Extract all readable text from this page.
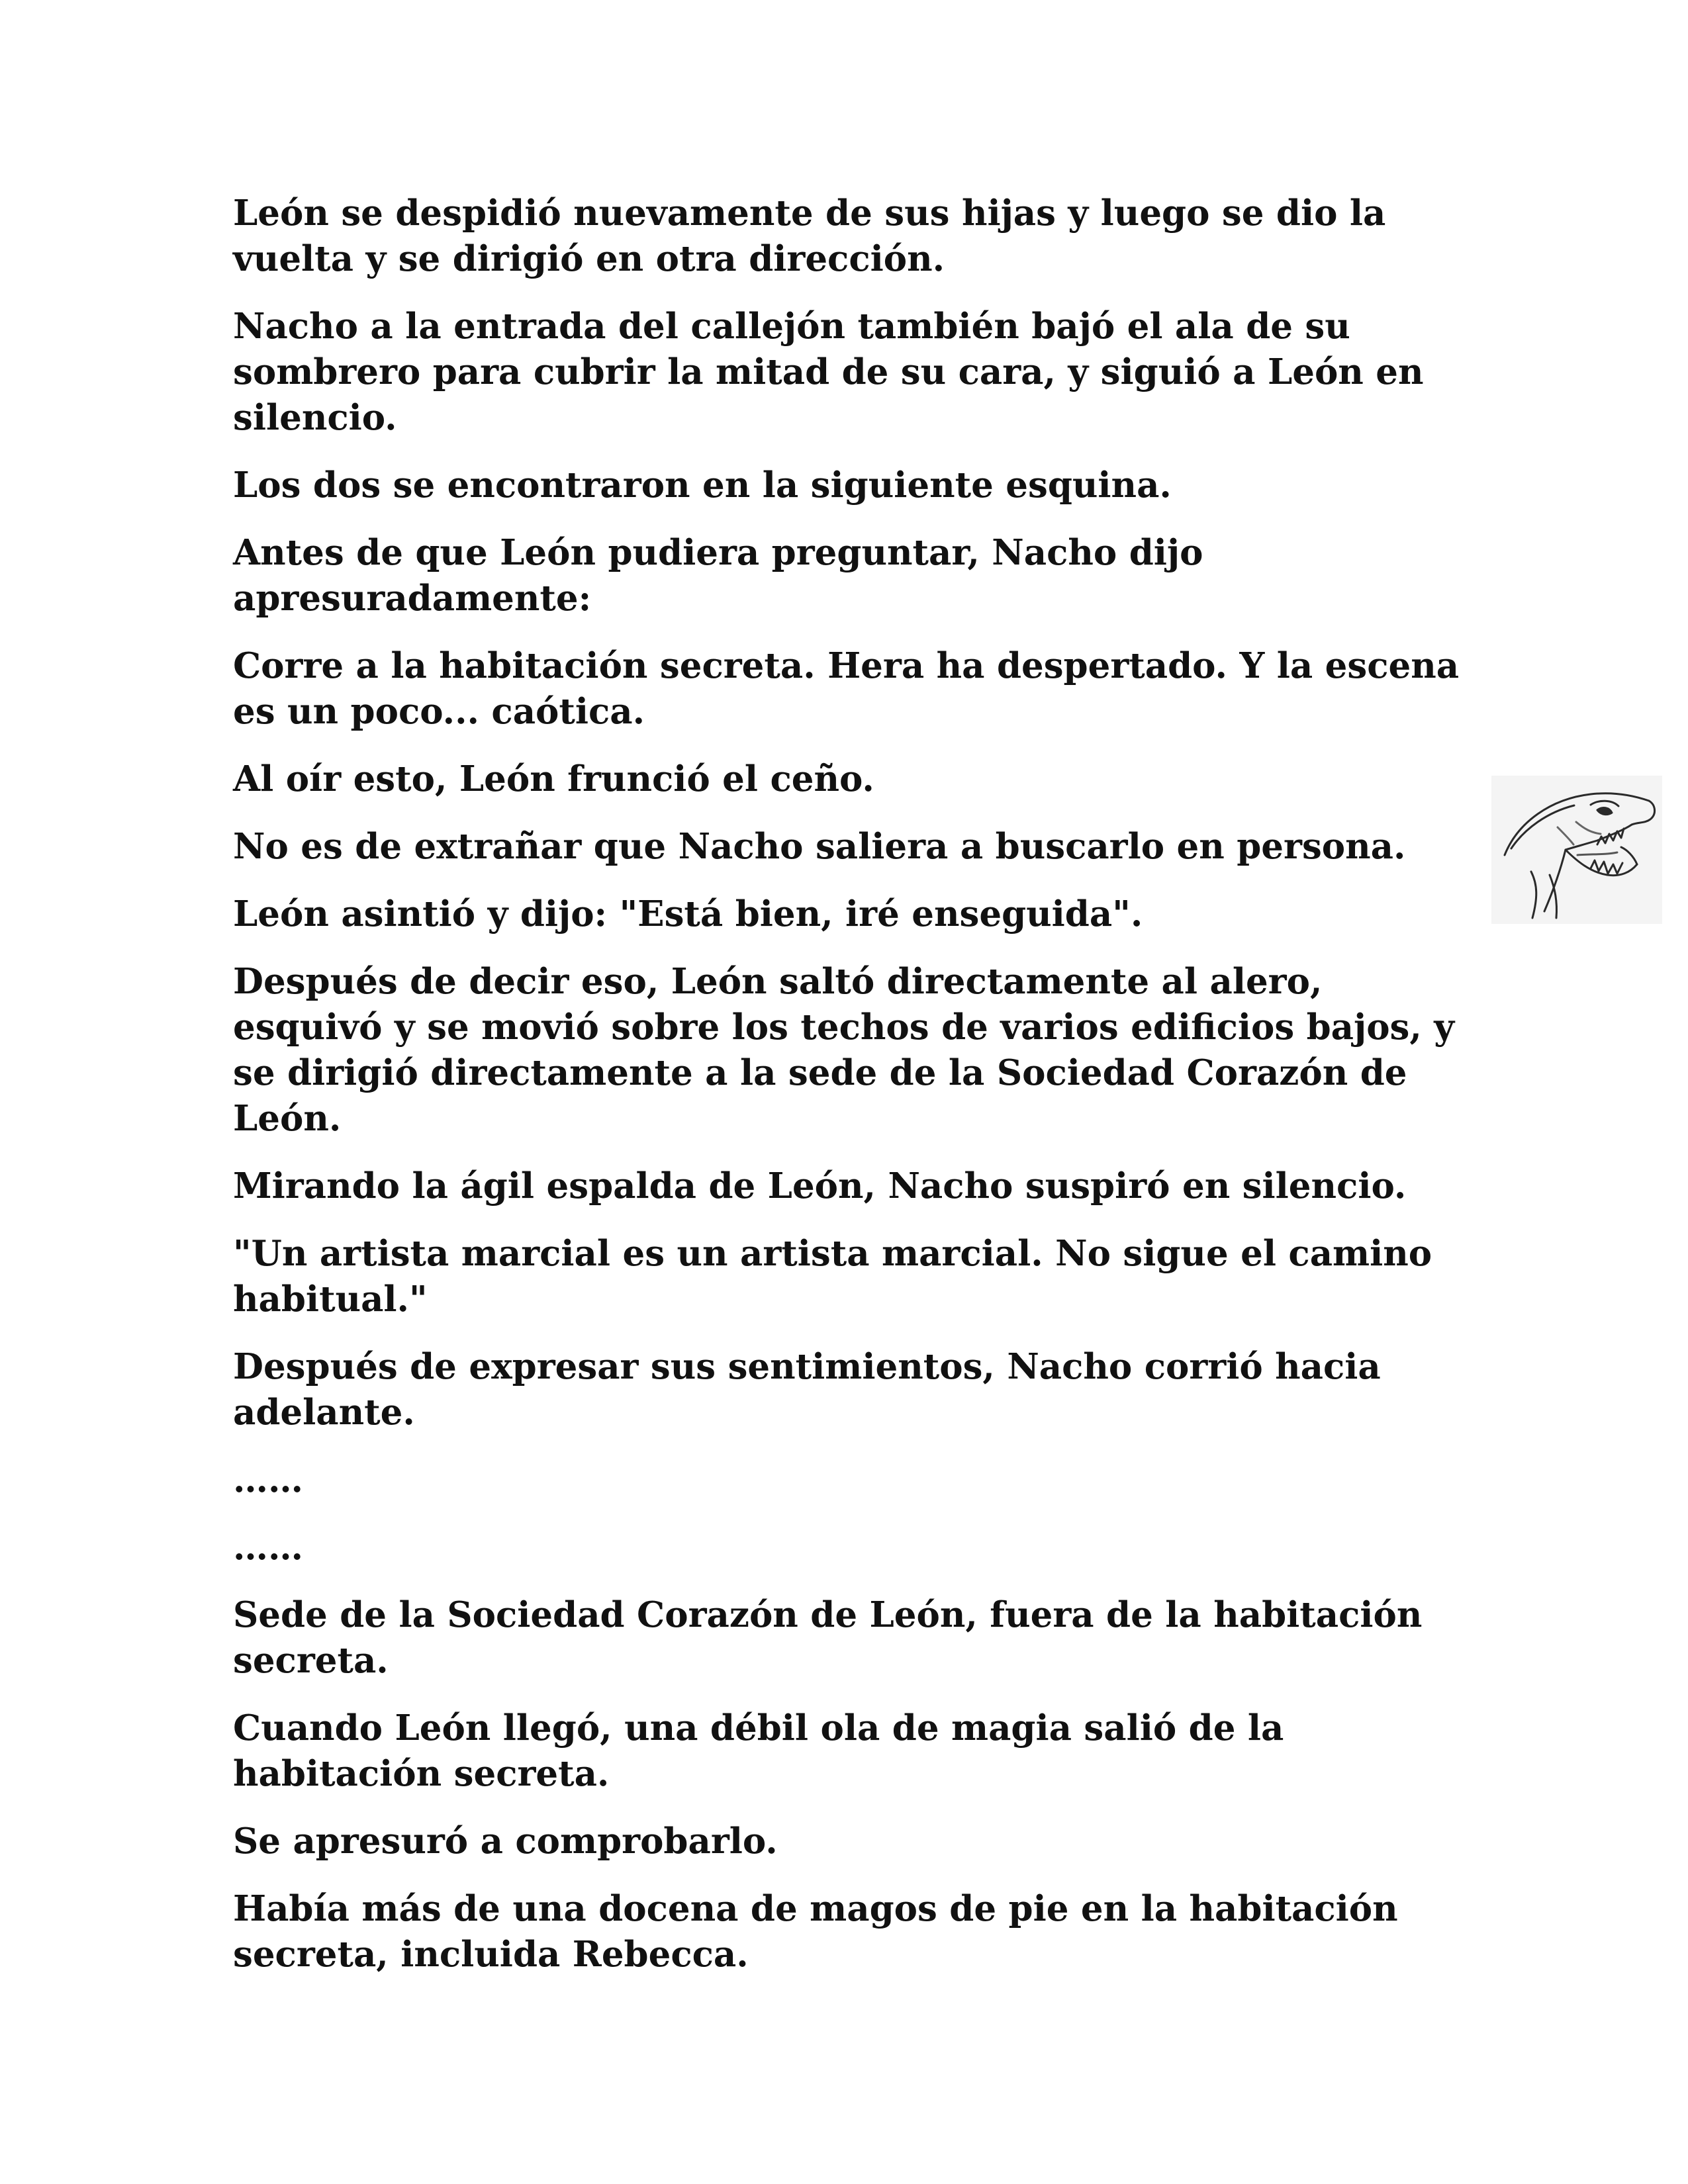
León se despidió nuevamente de sus hijas y luego se dio la vuelta y se dirigió en otra dirección.

Nacho a la entrada del callejón también bajó el ala de su sombrero para cubrir la mitad de su cara, y siguió a León en silencio.

Los dos se encontraron en la siguiente esquina.

Antes de que León pudiera preguntar, Nacho dijo apresuradamente:

Corre a la habitación secreta. Hera ha despertado. Y la escena es un poco... caótica.

Al oír esto, León frunció el ceño.

No es de extrañar que Nacho saliera a buscarlo en persona.

León asintió y dijo: "Está bien, iré enseguida".

Después de decir eso, León saltó directamente al alero, esquivó y se movió sobre los techos de varios edificios bajos, y se dirigió directamente a la sede de la Sociedad Corazón de León.

Mirando la ágil espalda de León, Nacho suspiró en silencio.

"Un artista marcial es un artista marcial. No sigue el camino habitual."

Después de expresar sus sentimientos, Nacho corrió hacia adelante.

……

……

Sede de la Sociedad Corazón de León, fuera de la habitación secreta.

Cuando León llegó, una débil ola de magia salió de la habitación secreta.

Se apresuró a comprobarlo.

Había más de una docena de magos de pie en la habitación secreta, incluida Rebecca.
